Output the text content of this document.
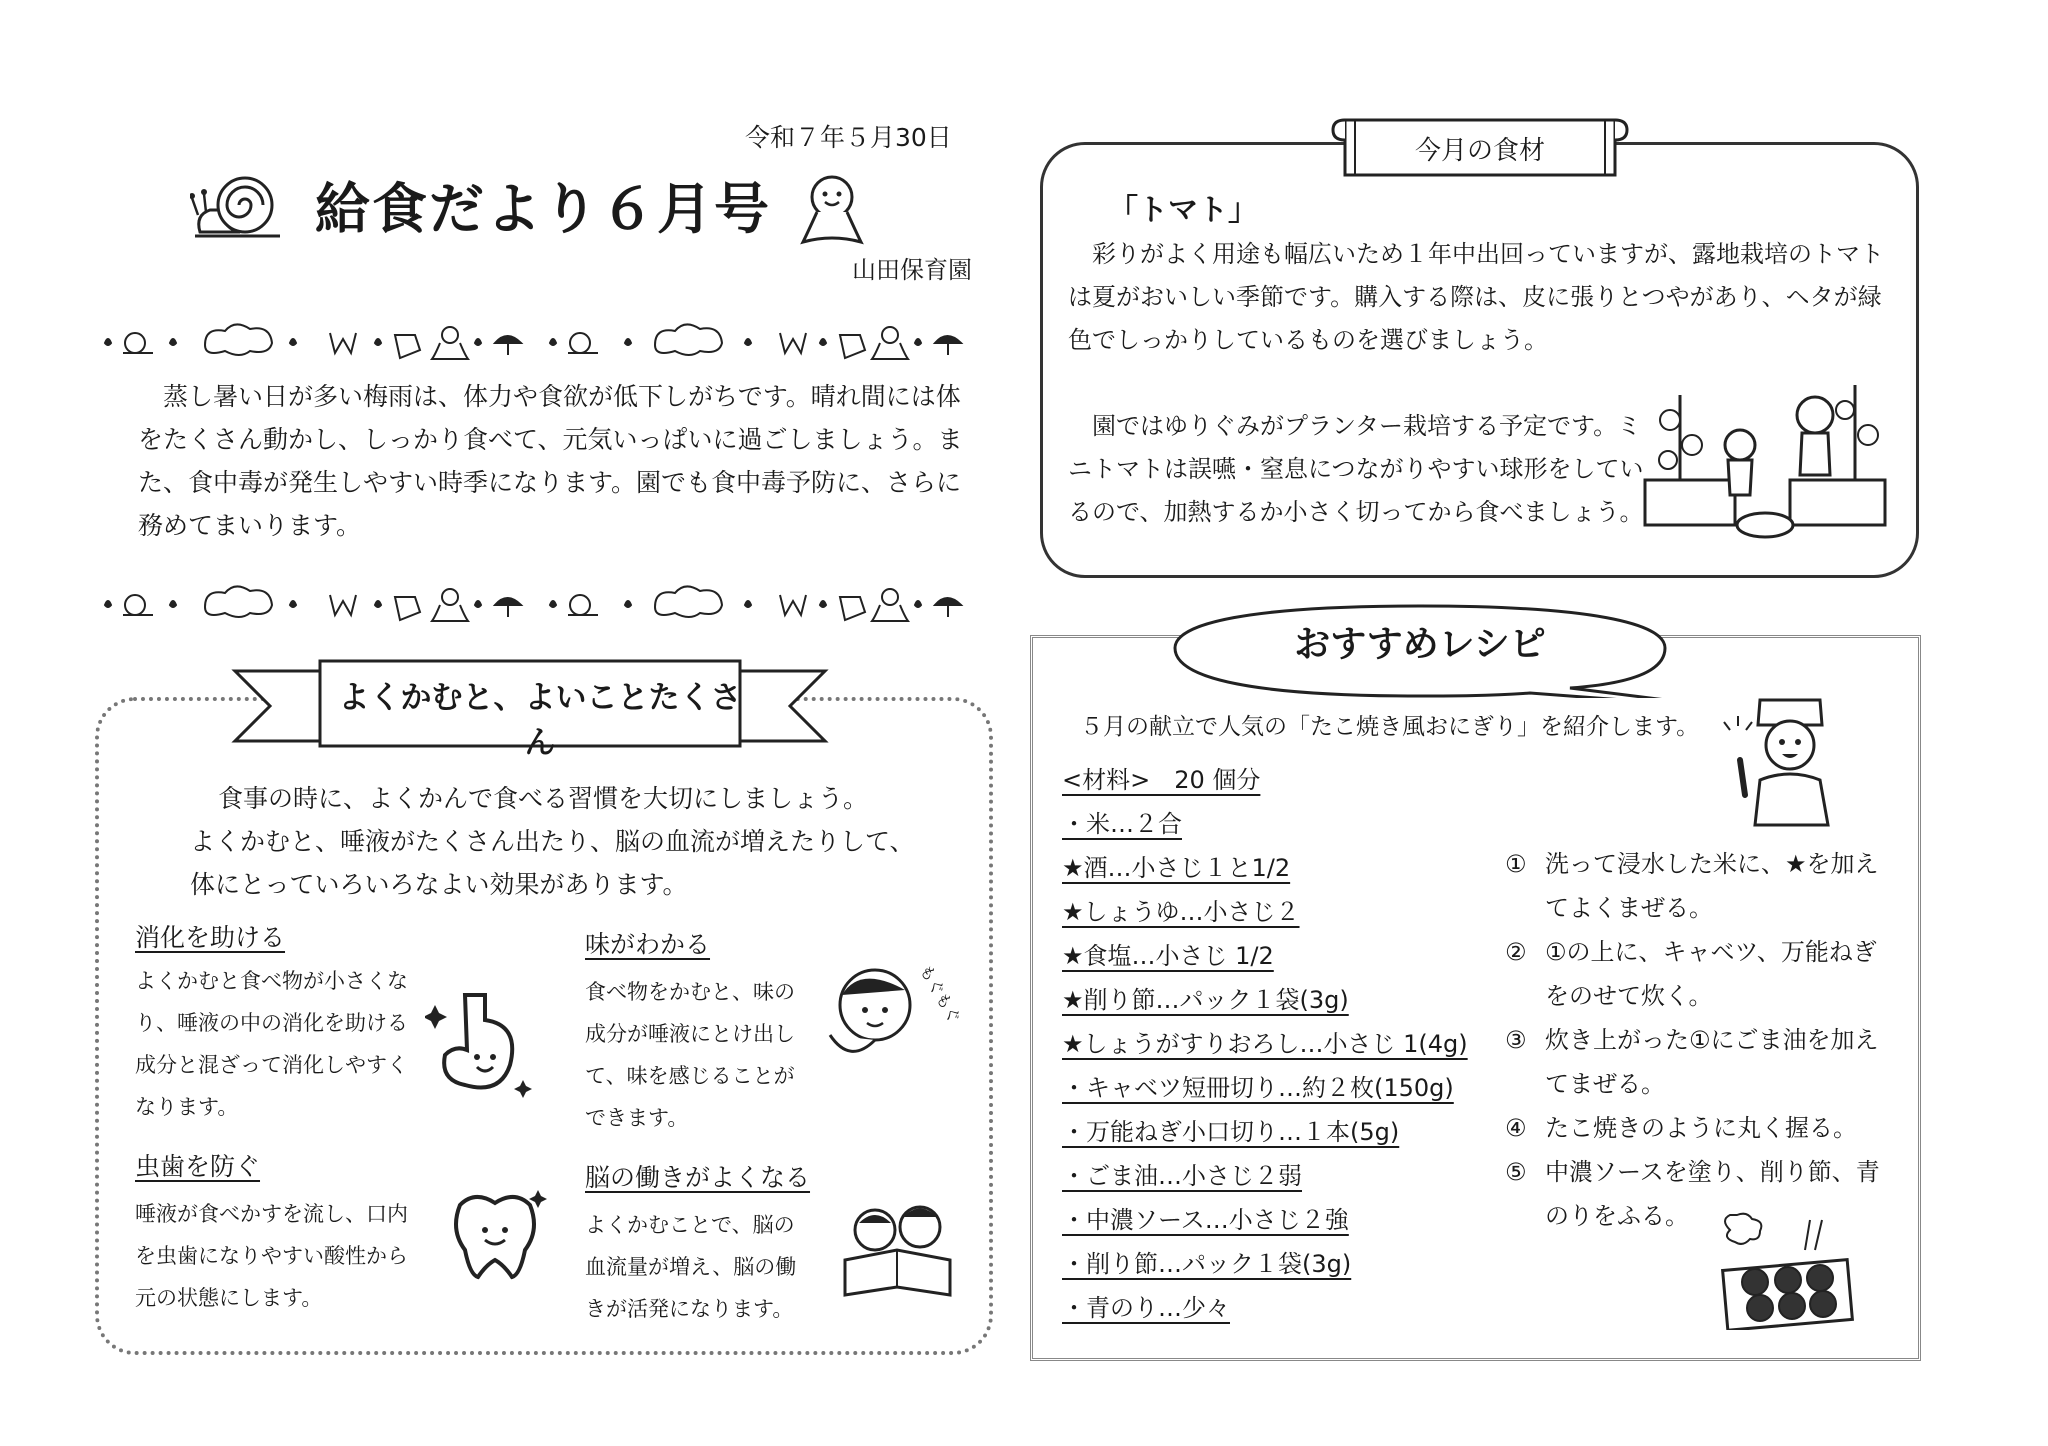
令和７年５月30日
給食だより６月号
山田保育園
蒸し暑い日が多い梅雨は、体力や食欲が低下しがちです。晴れ間には体をたくさん動かし、しっかり食べて、元気いっぱいに過ごしましょう。また、食中毒が発生しやすい時季になります。園でも食中毒予防に、さらに務めてまいります。
よくかむと、よいことたくさん
食事の時に、よくかんで食べる習慣を大切にしましょう。
よくかむと、唾液がたくさん出たり、脳の血流が増えたりして、
体にとっていろいろなよい効果があります。
消化を助ける
よくかむと食べ物が小さくなり、唾液の中の消化を助ける成分と混ざって消化しやすくなります。
味がわかる
食べ物をかむと、味の成分が唾液にとけ出して、味を感じることができます。
もぐもぐ
虫歯を防ぐ
唾液が食べかすを流し、口内を虫歯になりやすい酸性から元の状態にします。
脳の働きがよくなる
よくかむことで、脳の血流量が増え、脳の働きが活発になります。
今月の食材
「トマト」
彩りがよく用途も幅広いため１年中出回っていますが、露地栽培のトマトは夏がおいしい季節です。購入する際は、皮に張りとつやがあり、ヘタが緑色でしっかりしているものを選びましょう。
園ではゆりぐみがプランター栽培する予定です。ミニトマトは誤嚥・窒息につながりやすい球形をしているので、加熱するか小さく切ってから食べましょう。
おすすめレシピ
５月の献立で人気の「たこ焼き風おにぎり」を紹介します。
<材料>　20 個分
・米…２合
★酒…小さじ１と1/2
★しょうゆ…小さじ２
★食塩…小さじ 1/2
★削り節…パック１袋(3g)
★しょうがすりおろし…小さじ 1(4g)
・キャベツ短冊切り…約２枚(150g)
・万能ねぎ小口切り…１本(5g)
・ごま油…小さじ２弱
・中濃ソース…小さじ２強
・削り節…パック１袋(3g)
・青のり…少々
① 洗って浸水した米に、★を加えてよくまぜる。
② ①の上に、キャベツ、万能ねぎをのせて炊く。
③ 炊き上がった①にごま油を加えてまぜる。
④ たこ焼きのように丸く握る。
⑤ 中濃ソースを塗り、削り節、青のりをふる。
